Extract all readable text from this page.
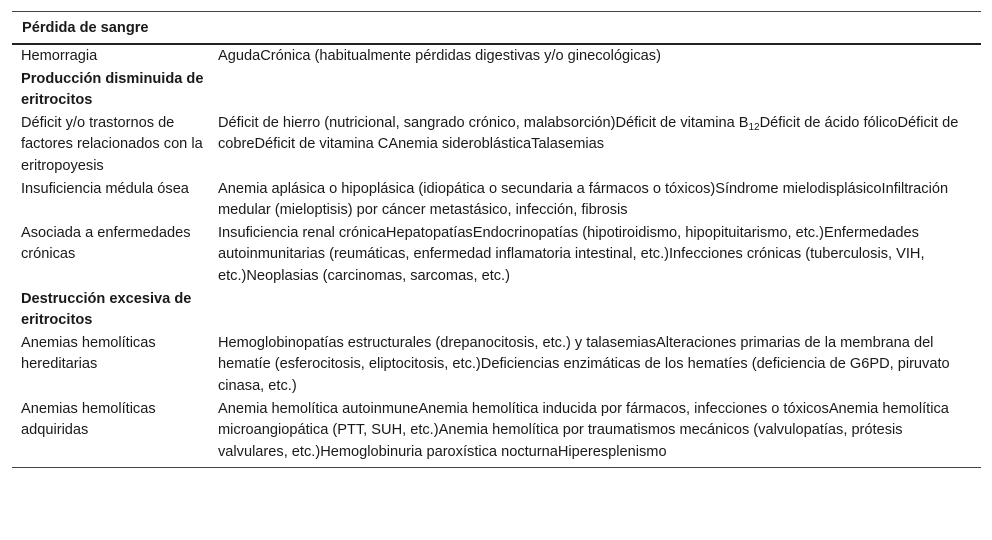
Pérdida de sangre	
Hemorragia	AgudaCrónica (habitualmente pérdidas digestivas y/o ginecológicas)
Producción disminuida de eritrocitos	
Déficit y/o trastornos de factores relacionados con la eritropoyesis	Déficit de hierro (nutricional, sangrado crónico, malabsorción)Déficit de vitamina $B_{12}Déficit$ de ácido fólicoDéficit de cobreDéficit de vitamina CAnemia sideroblásticaTalasemias
Insuficiencia médula ósea	Anemia aplásica o hipoplásica (idiopática o secundaria a fármacos o tóxicos)Síndrome mielodisplásicoInfiltración medular (mieloptisis) por cáncer metastásico, infección, fibrosis
Asociada a enfermedades crónicas	Insuficiencia renal crónicaHepatopatíasEndocrinopatías (hipotiroidismo, hipopituitarismo, etc.)Enfermedades autoinmunitarias (reumáticas, enfermedad inflamatoria intestinal, etc.)Infecciones crónicas (tuberculosis, VIH, etc.)Neoplasias (carcinomas, sarcomas, etc.)
Destrucción excesiva de eritrocitos	
Anemias hemolíticas hereditarias	Hemoglobinopatías estructurales (drepanocitosis, etc.) y talasemiasAlteraciones primarias de la membrana del hematíe (esferocitosis, eliptocitosis, etc.)Deficiencias enzimáticas de los hematíes (deficiencia de G6PD, piruvato cinasa, etc.)
Anemias hemolíticas adquiridas	Anemia hemolítica autoinmuneAnemia hemolítica inducida por fármacos, infecciones o tóxicosAnemia hemolítica microangiopática (PTT, SUH, etc.)Anemia hemolítica por traumatismos mecánicos (valvulopatías, prótesis valvulares, etc.)Hemoglobinuria paroxística nocturnaHiperesplenismo
